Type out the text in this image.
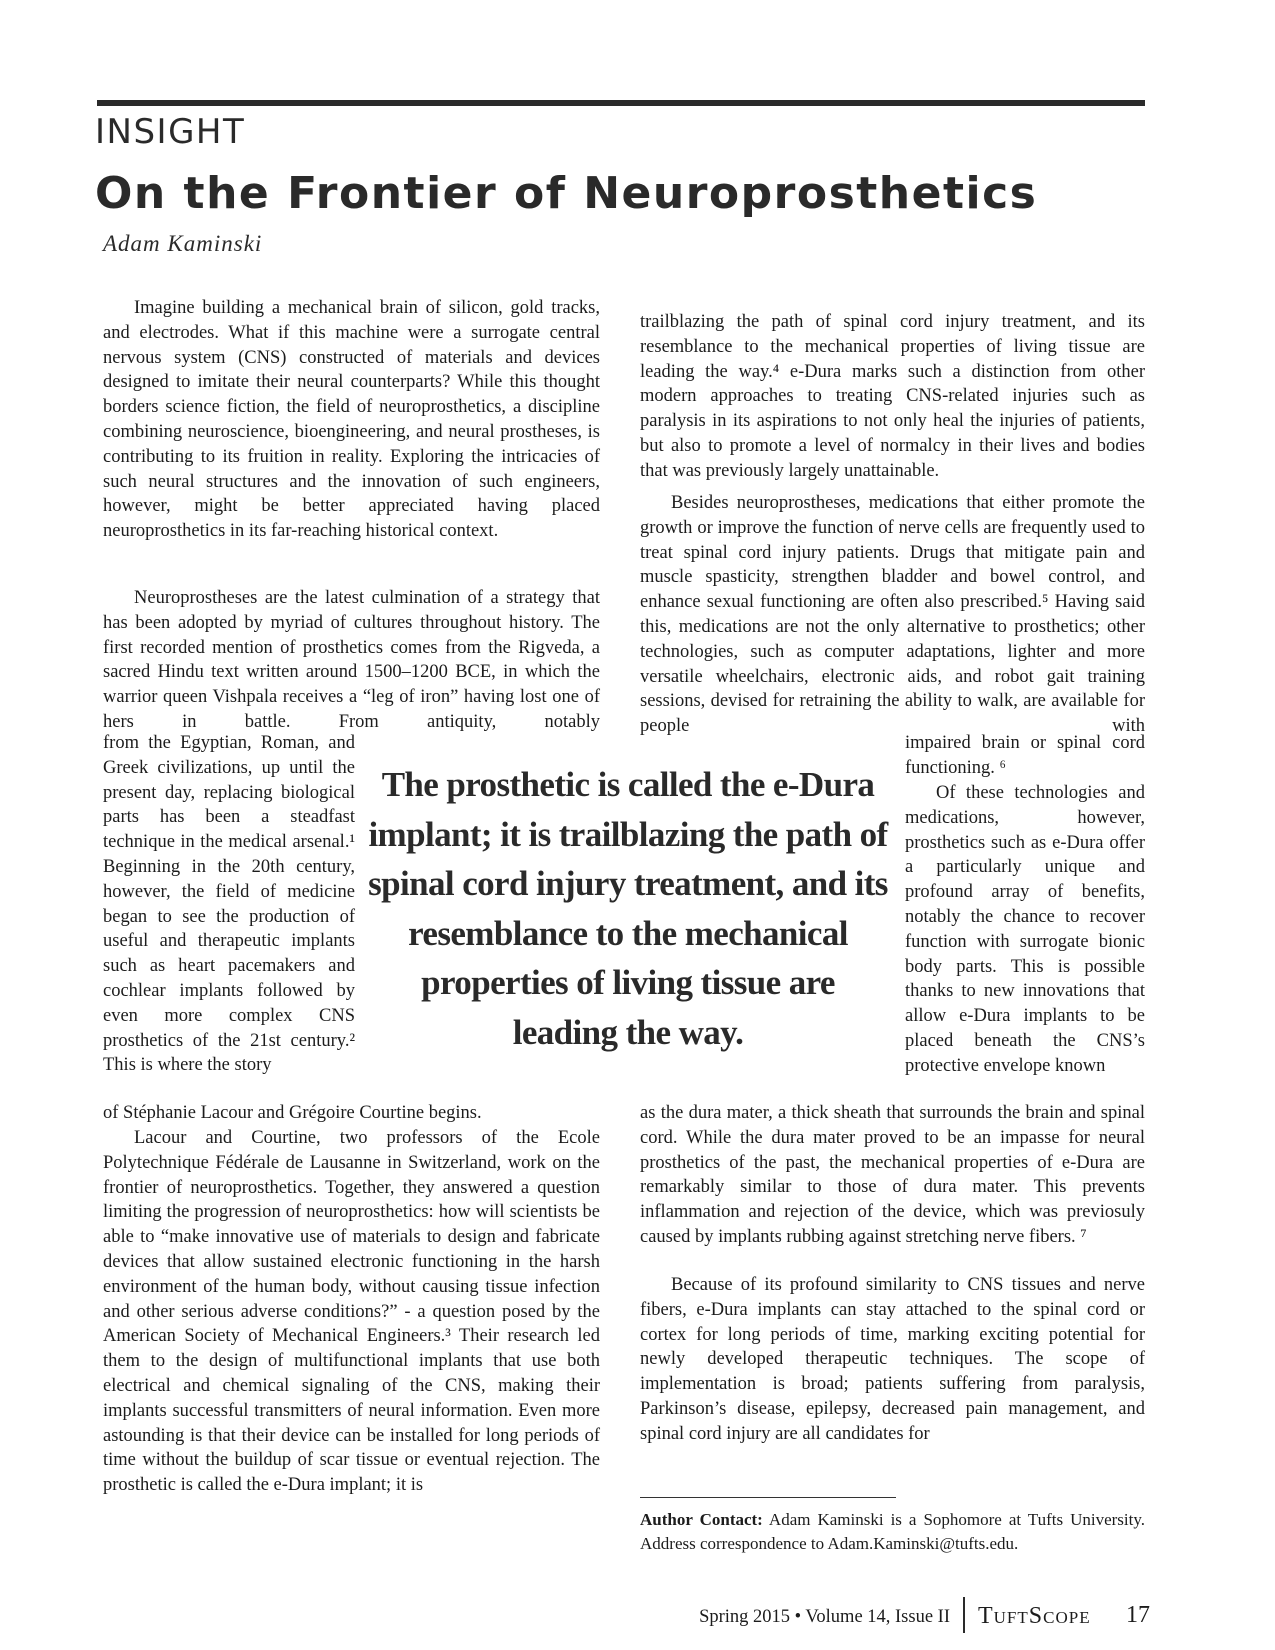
INSIGHT
On the Frontier of Neuroprosthetics
Adam Kaminski

Imagine building a mechanical brain of silicon, gold tracks, and electrodes. What if this machine were a surrogate central nervous system (CNS) constructed of materials and devices designed to imitate their neural counterparts? While this thought borders science fiction, the field of neuroprosthetics, a discipline combining neuroscience, bioengineering, and neural prostheses, is contributing to its fruition in reality. Exploring the intricacies of such neural structures and the innovation of such engineers, however, might be better appreciated having placed neuroprosthetics in its far-reaching historical context.

Neuroprostheses are the latest culmination of a strategy that has been adopted by myriad of cultures throughout history. The first recorded mention of prosthetics comes from the Rigveda, a sacred Hindu text written around 1500–1200 BCE, in which the warrior queen Vishpala receives a “leg of iron” having lost one of hers in battle. From antiquity, notably

from the Egyptian, Roman, and Greek civilizations, up until the present day, replacing biological parts has been a steadfast technique in the medical arsenal.¹ Beginning in the 20th century, however, the field of medicine began to see the production of useful and therapeutic implants such as heart pacemakers and cochlear implants followed by even more complex CNS prosthetics of the 21st century.² This is where the story

of Stéphanie Lacour and Grégoire Courtine begins.

Lacour and Courtine, two professors of the Ecole Polytechnique Fédérale de Lausanne in Switzerland, work on the frontier of neuroprosthetics. Together, they answered a question limiting the progression of neuroprosthetics: how will scientists be able to “make innovative use of materials to design and fabricate devices that allow sustained electronic functioning in the harsh environment of the human body, without causing tissue infection and other serious adverse conditions?” - a question posed by the American Society of Mechanical Engineers.³ Their research led them to the design of multifunctional implants that use both electrical and chemical signaling of the CNS, making their implants successful transmitters of neural information. Even more astounding is that their device can be installed for long periods of time without the buildup of scar tissue or eventual rejection. The prosthetic is called the e-Dura implant; it is

trailblazing the path of spinal cord injury treatment, and its resemblance to the mechanical properties of living tissue are leading the way.⁴ e-Dura marks such a distinction from other modern approaches to treating CNS-related injuries such as paralysis in its aspirations to not only heal the injuries of patients, but also to promote a level of normalcy in their lives and bodies that was previously largely unattainable.

Besides neuroprostheses, medications that either promote the growth or improve the function of nerve cells are frequently used to treat spinal cord injury patients. Drugs that mitigate pain and muscle spasticity, strengthen bladder and bowel control, and enhance sexual functioning are often also prescribed.⁵ Having said this, medications are not the only alternative to prosthetics; other technologies, such as computer adaptations, lighter and more versatile wheelchairs, electronic aids, and robot gait training sessions, devised for retraining the ability to walk, are available for people with

impaired brain or spinal cord functioning. ⁶

Of these technologies and medications, however, prosthetics such as e-Dura offer a particularly unique and profound array of benefits, notably the chance to recover function with surrogate bionic body parts. This is possible thanks to new innovations that allow e-Dura implants to be placed beneath the CNS’s protective envelope known

as the dura mater, a thick sheath that surrounds the brain and spinal cord. While the dura mater proved to be an impasse for neural prosthetics of the past, the mechanical properties of e-Dura are remarkably similar to those of dura mater. This prevents inflammation and rejection of the device, which was previosuly caused by implants rubbing against stretching nerve fibers. ⁷

Because of its profound similarity to CNS tissues and nerve fibers, e-Dura implants can stay attached to the spinal cord or cortex for long periods of time, marking exciting potential for newly developed therapeutic techniques. The scope of implementation is broad; patients suffering from paralysis, Parkinson’s disease, epilepsy, decreased pain management, and spinal cord injury are all candidates for

The prosthetic is called the e-Dura implant; it is trailblazing the path of spinal cord injury treatment, and its resemblance to the mechanical properties of living tissue are leading the way.

Author Contact: Adam Kaminski is a Sophomore at Tufts University. Address correspondence to Adam.Kaminski@tufts.edu.

Spring 2015 • Volume 14, Issue II TuftScope 17
